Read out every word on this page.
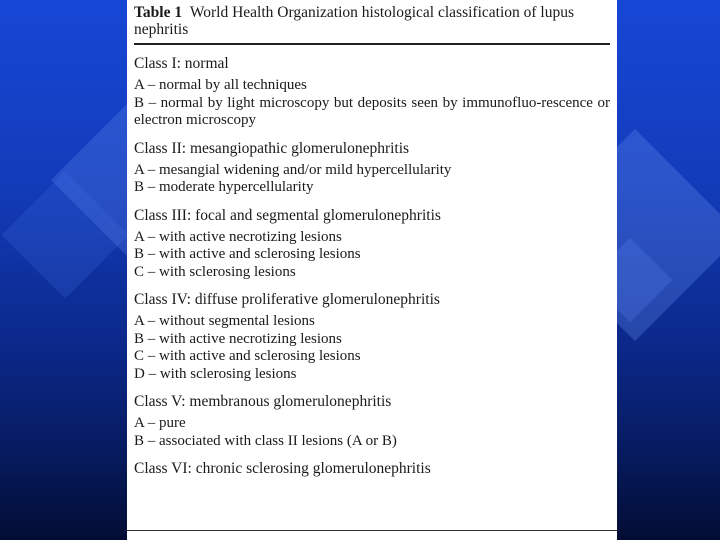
Table 1 World Health Organization histological classification of lupus nephritis

Class I: normal
A – normal by all techniques
B – normal by light microscopy but deposits seen by immunofluo-rescence or electron microscopy
Class II: mesangiopathic glomerulonephritis
A – mesangial widening and/or mild hypercellularity
B – moderate hypercellularity
Class III: focal and segmental glomerulonephritis
A – with active necrotizing lesions
B – with active and sclerosing lesions
C – with sclerosing lesions
Class IV: diffuse proliferative glomerulonephritis
A – without segmental lesions
B – with active necrotizing lesions
C – with active and sclerosing lesions
D – with sclerosing lesions
Class V: membranous glomerulonephritis
A – pure
B – associated with class II lesions (A or B)
Class VI: chronic sclerosing glomerulonephritis
